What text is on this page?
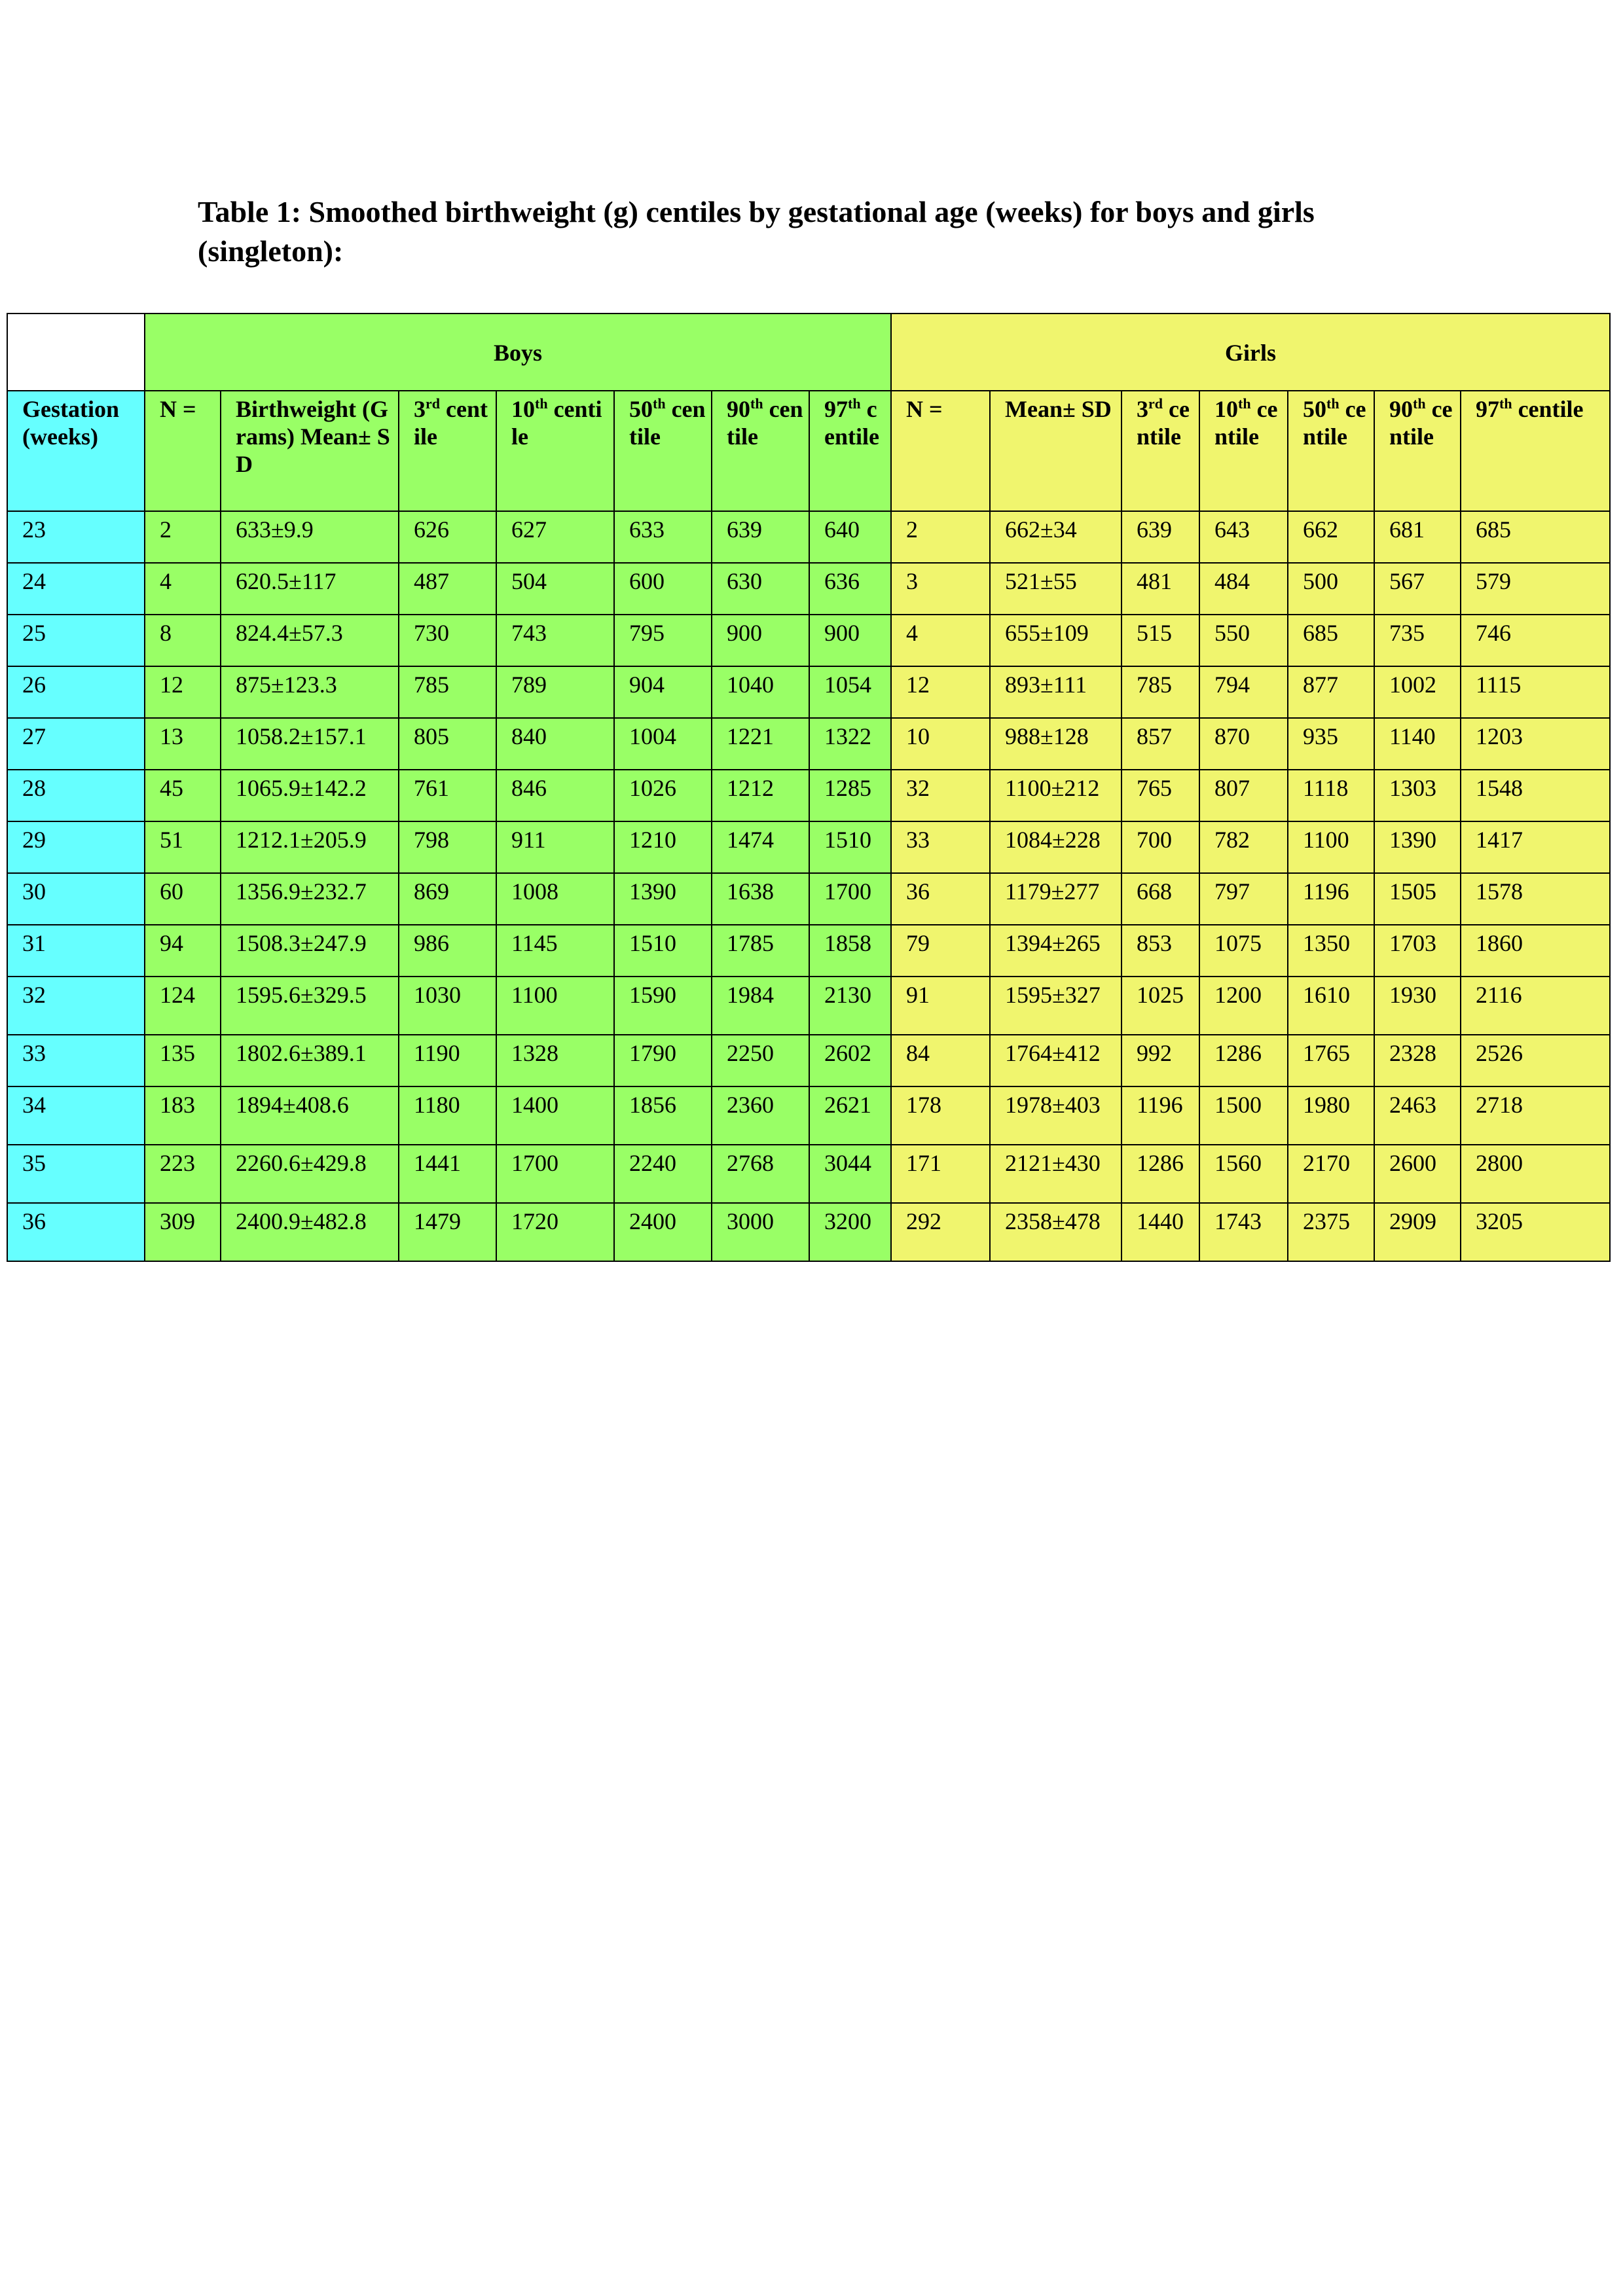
Table 1: Smoothed birthweight (g) centiles by gestational age (weeks) for boys and girls
(singleton):
	Boys							Girls						
Gestation (weeks)	N =	Birthweight (Grams) Mean± SD	3rd centile	10th centile	50th centile	90th centile	97th centile	N =	Mean± SD	3rd centile	10th centile	50th centile	90th centile	97th centile
23	2	633±9.9	626	627	633	639	640	2	662±34	639	643	662	681	685
24	4	620.5±117	487	504	600	630	636	3	521±55	481	484	500	567	579
25	8	824.4±57.3	730	743	795	900	900	4	655±109	515	550	685	735	746
26	12	875±123.3	785	789	904	1040	1054	12	893±111	785	794	877	1002	1115
27	13	1058.2±157.1	805	840	1004	1221	1322	10	988±128	857	870	935	1140	1203
28	45	1065.9±142.2	761	846	1026	1212	1285	32	1100±212	765	807	1118	1303	1548
29	51	1212.1±205.9	798	911	1210	1474	1510	33	1084±228	700	782	1100	1390	1417
30	60	1356.9±232.7	869	1008	1390	1638	1700	36	1179±277	668	797	1196	1505	1578
31	94	1508.3±247.9	986	1145	1510	1785	1858	79	1394±265	853	1075	1350	1703	1860
32	124	1595.6±329.5	1030	1100	1590	1984	2130	91	1595±327	1025	1200	1610	1930	2116
33	135	1802.6±389.1	1190	1328	1790	2250	2602	84	1764±412	992	1286	1765	2328	2526
34	183	1894±408.6	1180	1400	1856	2360	2621	178	1978±403	1196	1500	1980	2463	2718
35	223	2260.6±429.8	1441	1700	2240	2768	3044	171	2121±430	1286	1560	2170	2600	2800
36	309	2400.9±482.8	1479	1720	2400	3000	3200	292	2358±478	1440	1743	2375	2909	3205
